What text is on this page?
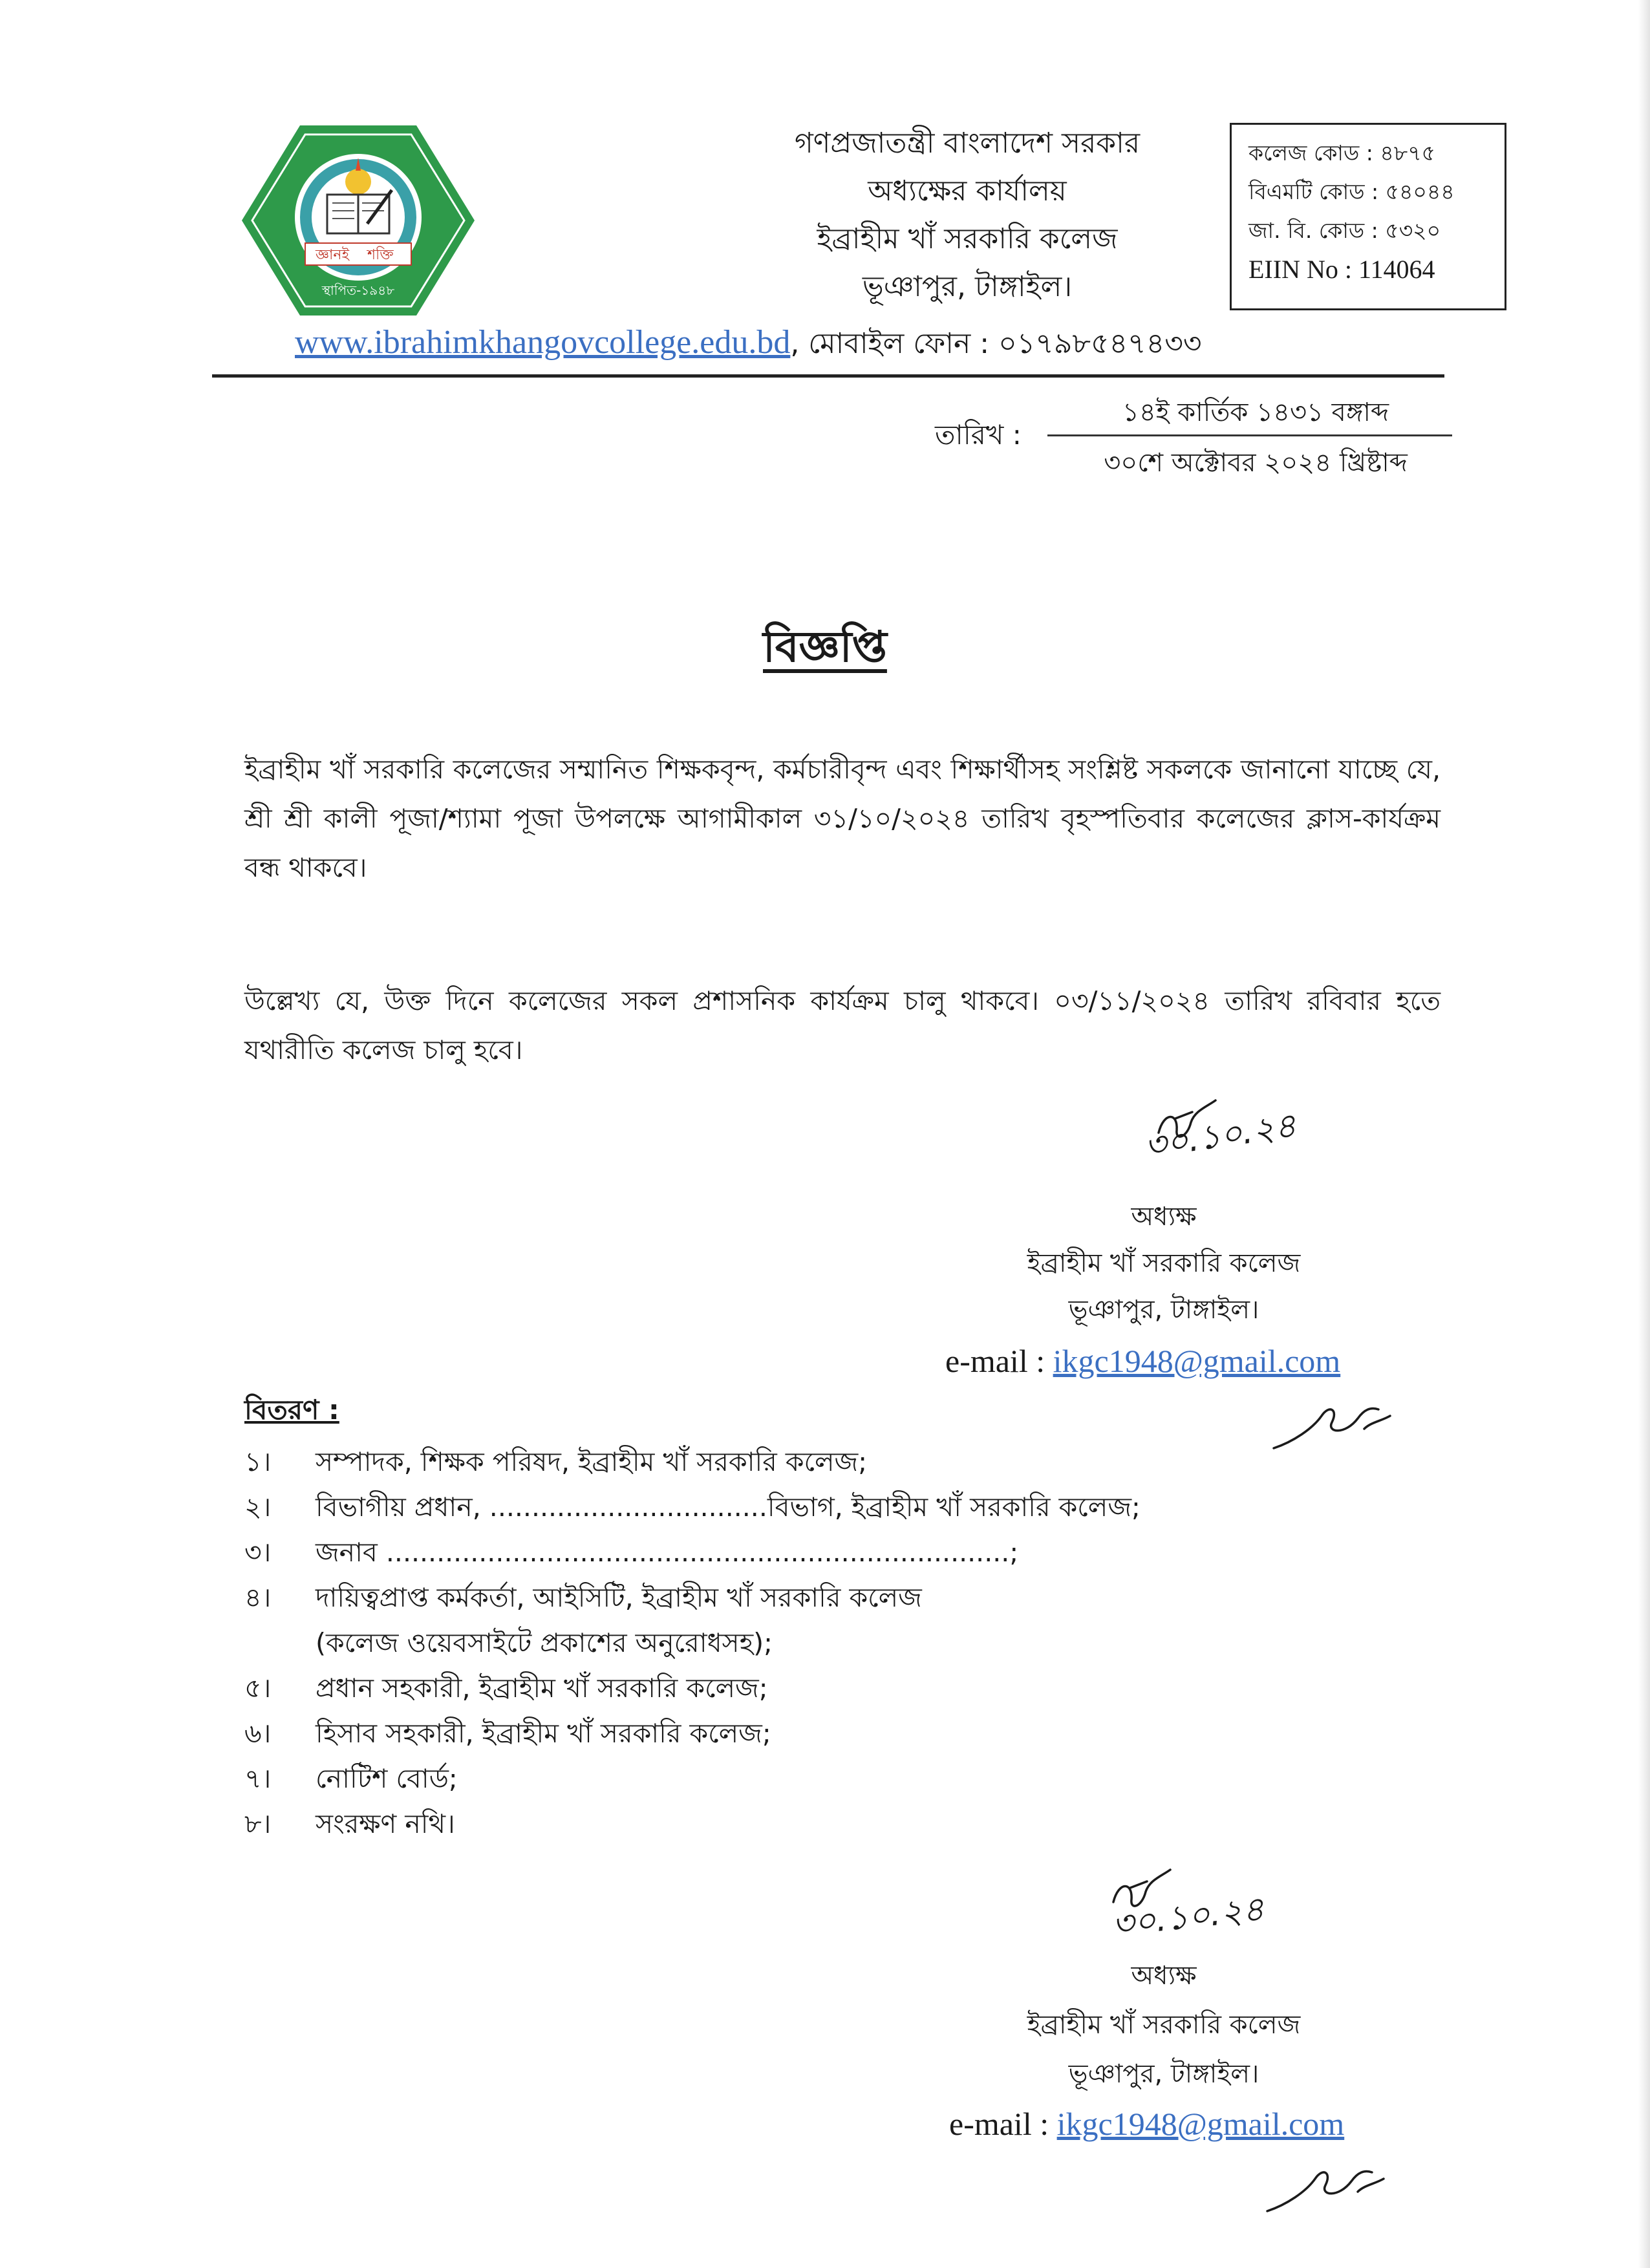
জ্ঞানই শক্তি
স্থাপিত-১৯৪৮
গণপ্রজাতন্ত্রী বাংলাদেশ সরকার
অধ্যক্ষের কার্যালয়
ইব্রাহীম খাঁ সরকারি কলেজ
ভূঞাপুর, টাঙ্গাইল।
কলেজ কোড : ৪৮৭৫
বিএমটি কোড : ৫৪০৪৪
জা. বি. কোড : ৫৩২০
EIIN No : 114064
www.ibrahimkhangovcollege.edu.bd, মোবাইল ফোন : ০১৭৯৮৫৪৭৪৩৩
তারিখ :
১৪ই কার্তিক ১৪৩১ বঙ্গাব্দ
৩০শে অক্টোবর ২০২৪ খ্রিষ্টাব্দ
বিজ্ঞপ্তি
ইব্রাহীম খাঁ সরকারি কলেজের সম্মানিত শিক্ষকবৃন্দ, কর্মচারীবৃন্দ এবং শিক্ষার্থীসহ সংশ্লিষ্ট সকলকে জানানো যাচ্ছে যে, শ্রী শ্রী কালী পূজা/শ্যামা পূজা উপলক্ষে আগামীকাল ৩১/১০/২০২৪ তারিখ বৃহস্পতিবার কলেজের ক্লাস-কার্যক্রম বন্ধ থাকবে।
উল্লেখ্য যে, উক্ত দিনে কলেজের সকল প্রশাসনিক কার্যক্রম চালু থাকবে। ০৩/১১/২০২৪ তারিখ রবিবার হতে যথারীতি কলেজ চালু হবে।
৩০.১০.২৪
অধ্যক্ষ
ইব্রাহীম খাঁ সরকারি কলেজ
ভূঞাপুর, টাঙ্গাইল।
e-mail : ikgc1948@gmail.com
বিতরণ :
১। সম্পাদক, শিক্ষক পরিষদ, ইব্রাহীম খাঁ সরকারি কলেজ;
২। বিভাগীয় প্রধান, .................................বিভাগ, ইব্রাহীম খাঁ সরকারি কলেজ;
৩। জনাব ..........................................................................;
৪। দায়িত্বপ্রাপ্ত কর্মকর্তা, আইসিটি, ইব্রাহীম খাঁ সরকারি কলেজ
(কলেজ ওয়েবসাইটে প্রকাশের অনুরোধসহ);
৫। প্রধান সহকারী, ইব্রাহীম খাঁ সরকারি কলেজ;
৬। হিসাব সহকারী, ইব্রাহীম খাঁ সরকারি কলেজ;
৭। নোটিশ বোর্ড;
৮। সংরক্ষণ নথি।
৩০.১০.২৪
অধ্যক্ষ
ইব্রাহীম খাঁ সরকারি কলেজ
ভূঞাপুর, টাঙ্গাইল।
e-mail : ikgc1948@gmail.com
